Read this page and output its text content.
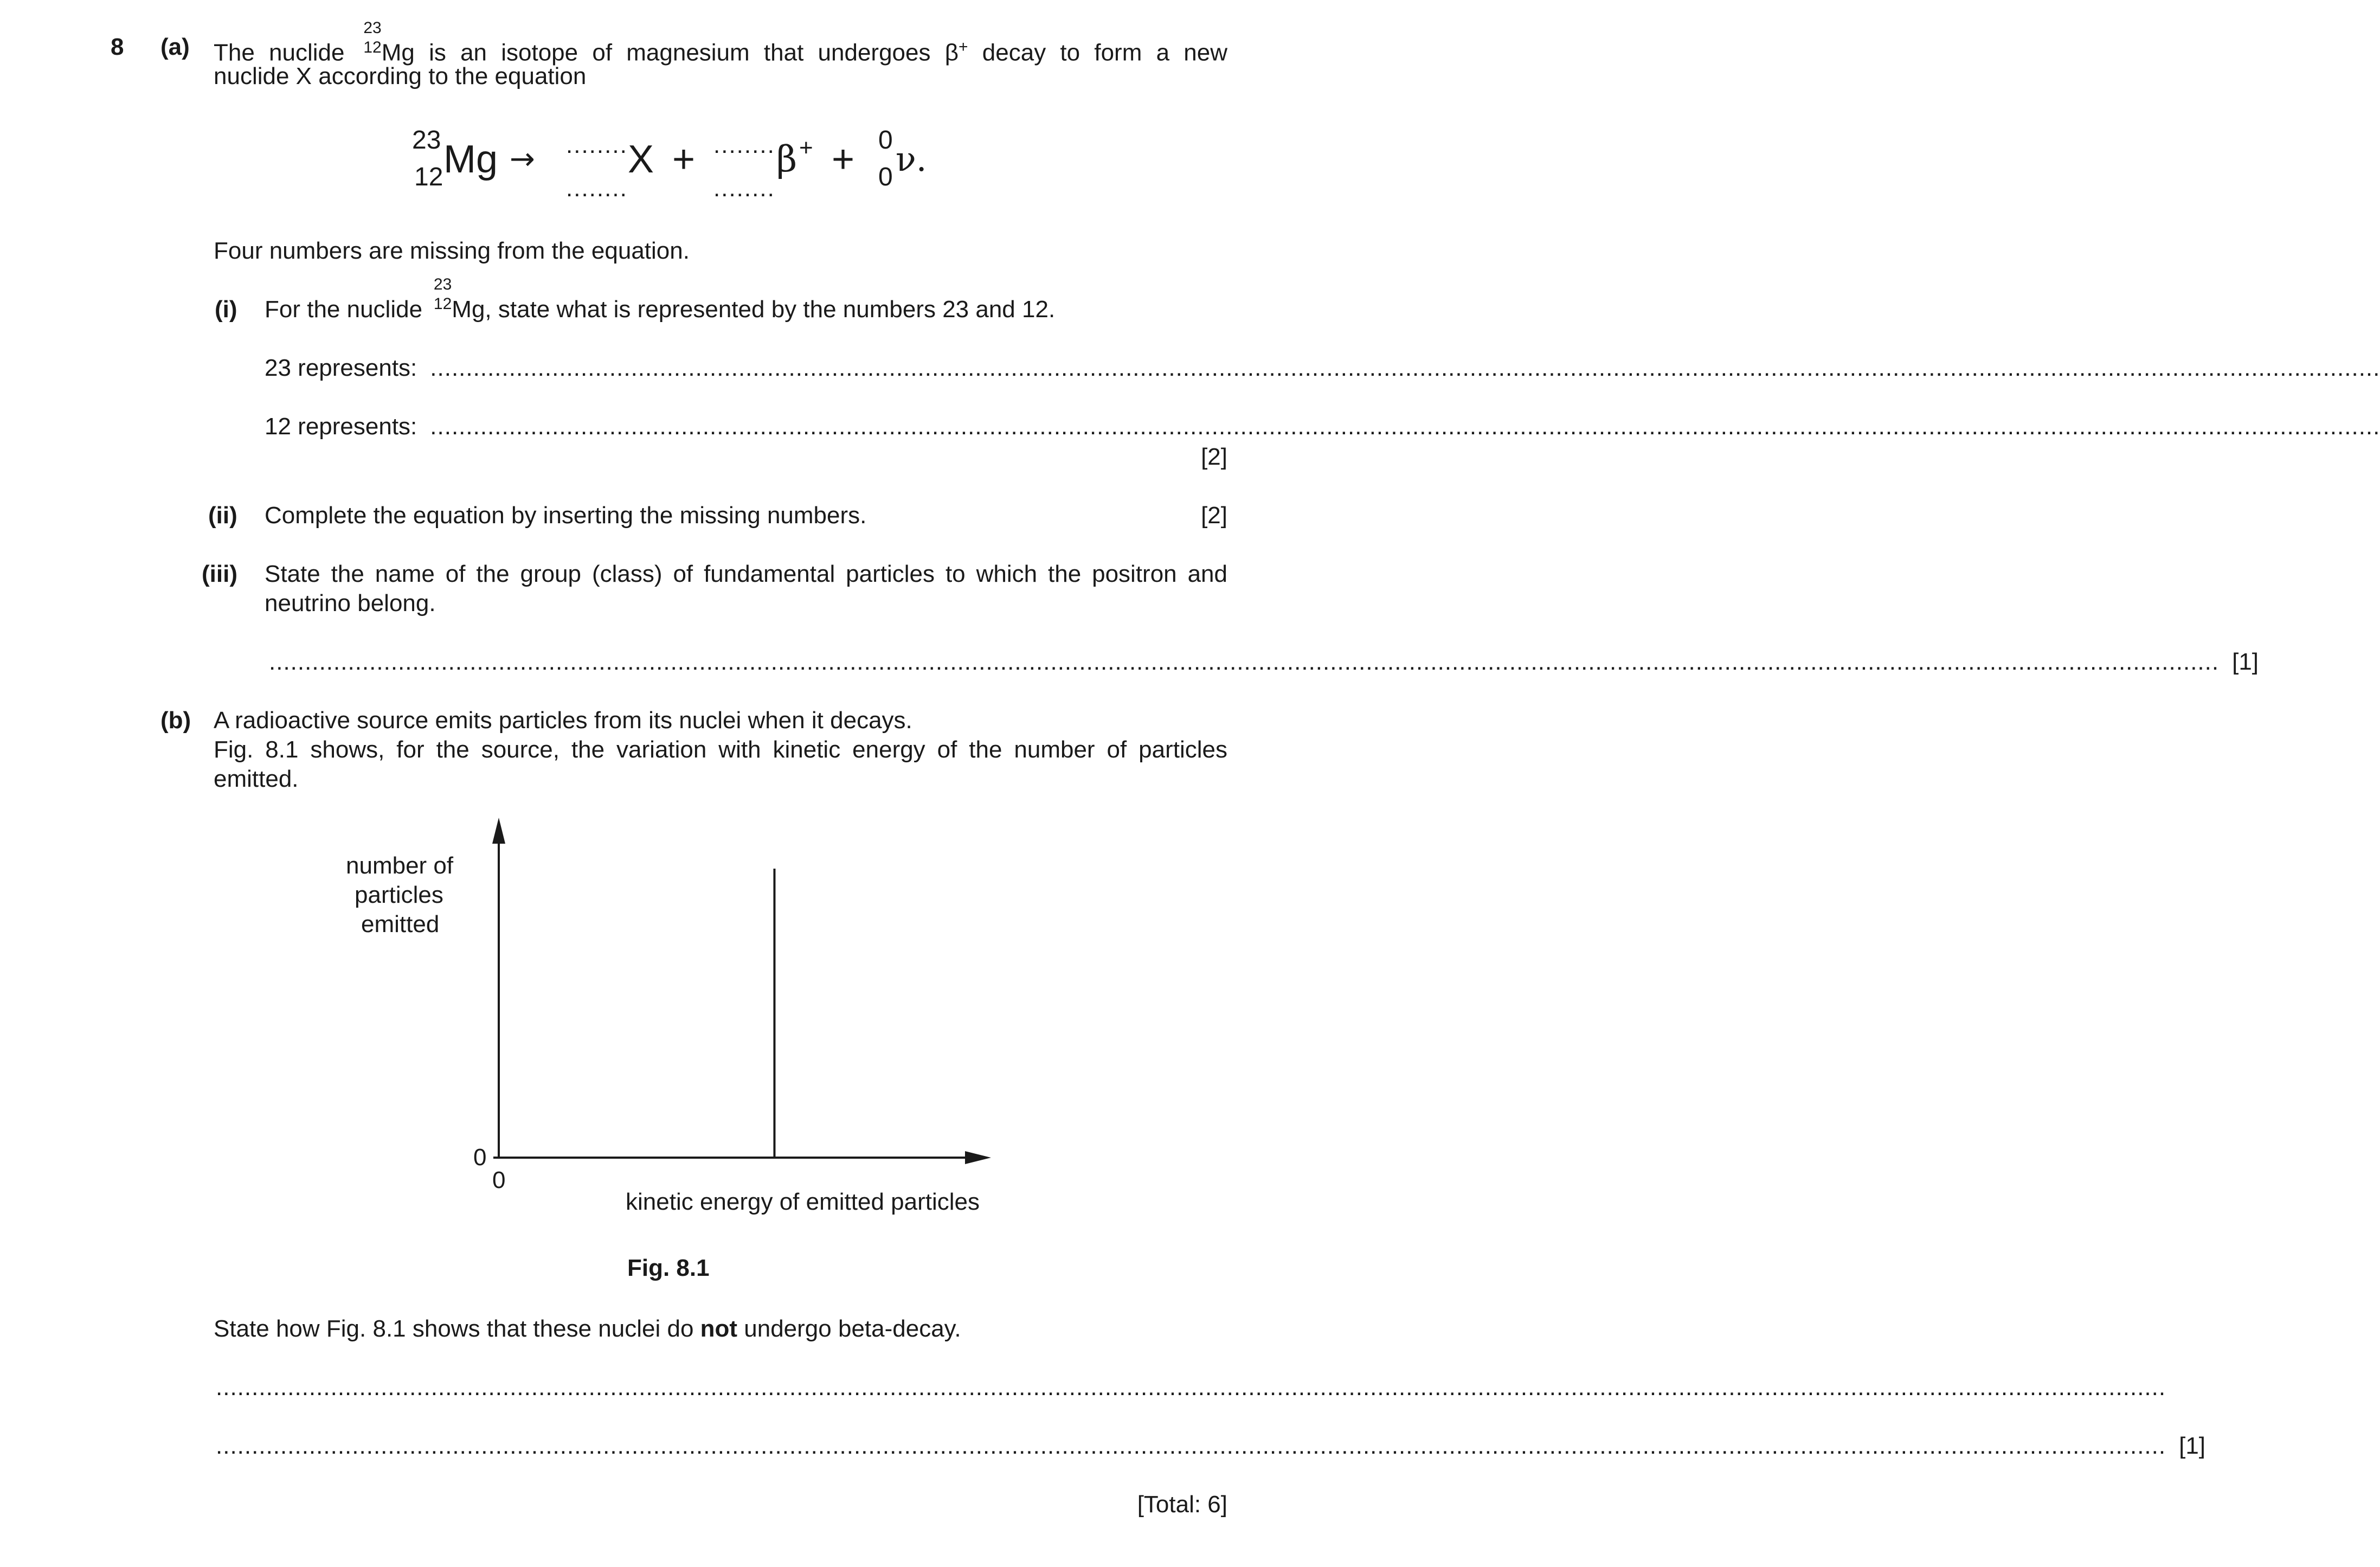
8 (a) The nuclide
23
12 Mg is an isotope of magnesium that undergoes β+ decay to form a new
nuclide X according to the equation
23
12 Mg → ........
........
X + ........
........
β + + 0
0 ν.
Four numbers are missing from the equation.
(i) For the nuclide
23
12 Mg, state what is represented by the numbers 23 and 12.
23 represents: ................................................................................................................................................................................................................................................................................
12 represents: ................................................................................................................................................................................................................................................................................
[2]
(ii) Complete the equation by inserting the missing numbers.	[2]
(iii) State the name of the group (class) of fundamental particles to which the positron and
neutrino belong.
................................................................................................................................................................................................................................................................................ [1]
(b) A radioactive source emits particles from its nuclei when it decays.
Fig. 8.1 shows, for the source, the variation with kinetic energy of the number of particles
emitted.
number of
particles
emitted
0
0
kinetic energy of emitted particles
Fig. 8.1
State how Fig. 8.1 shows that these nuclei do not undergo beta-decay.
................................................................................................................................................................................................................................................................................
................................................................................................................................................................................................................................................................................ [1]
[Total: 6]
